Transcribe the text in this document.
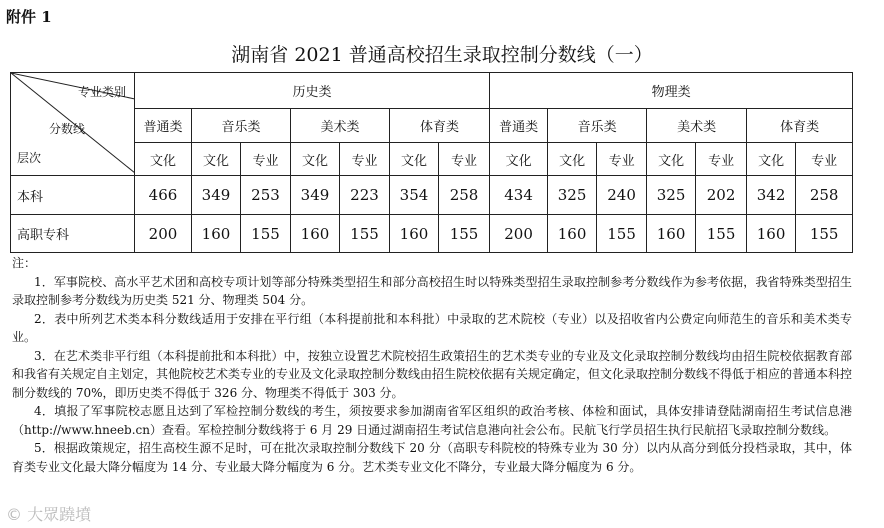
附件 1
湖南省 2021 普通高校招生录取控制分数线（一）
专业类别
分数线
层次	历史类							物理类						
	普通类	音乐类		美术类		体育类		普通类	音乐类		美术类		体育类	
	文化	文化	专业	文化	专业	文化	专业	文化	文化	专业	文化	专业	文化	专业
本科	466	349	253	349	223	354	258	434	325	240	325	202	342	258
高职专科	200	160	155	160	155	160	155	200	160	155	160	155	160	155

注：

1．军事院校、高水平艺术团和高校专项计划等部分特殊类型招生和部分高校招生时以特殊类型招生录取控制参考分数线作为参考依据，我省特殊类型招生录取控制参考分数线为历史类 521 分、物理类 504 分。

2．表中所列艺术类本科分数线适用于安排在平行组（本科提前批和本科批）中录取的艺术院校（专业）以及招收省内公费定向师范生的音乐和美术类专业。

3．在艺术类非平行组（本科提前批和本科批）中，按独立设置艺术院校招生政策招生的艺术类专业的专业及文化录取控制分数线均由招生院校依据教育部和我省有关规定自主划定，其他院校艺术类专业的专业及文化录取控制分数线由招生院校依据有关规定确定，但文化录取控制分数线不得低于相应的普通本科控制分数线的 70%，即历史类不得低于 326 分、物理类不得低于 303 分。

4．填报了军事院校志愿且达到了军检控制分数线的考生，须按要求参加湖南省军区组织的政治考核、体检和面试，具体安排请登陆湖南招生考试信息港（http://www.hneeb.cn）查看。军检控制分数线将于 6 月 29 日通过湖南招生考试信息港向社会公布。民航飞行学员招生执行民航招飞录取控制分数线。

5．根据政策规定，招生高校生源不足时，可在批次录取控制分数线下 20 分（高职专科院校的特殊专业为 30 分）以内从高分到低分投档录取，其中，体育类专业文化最大降分幅度为 14 分、专业最大降分幅度为 6 分。艺术类专业文化不降分，专业最大降分幅度为 6 分。

© 大眾蹺墳
